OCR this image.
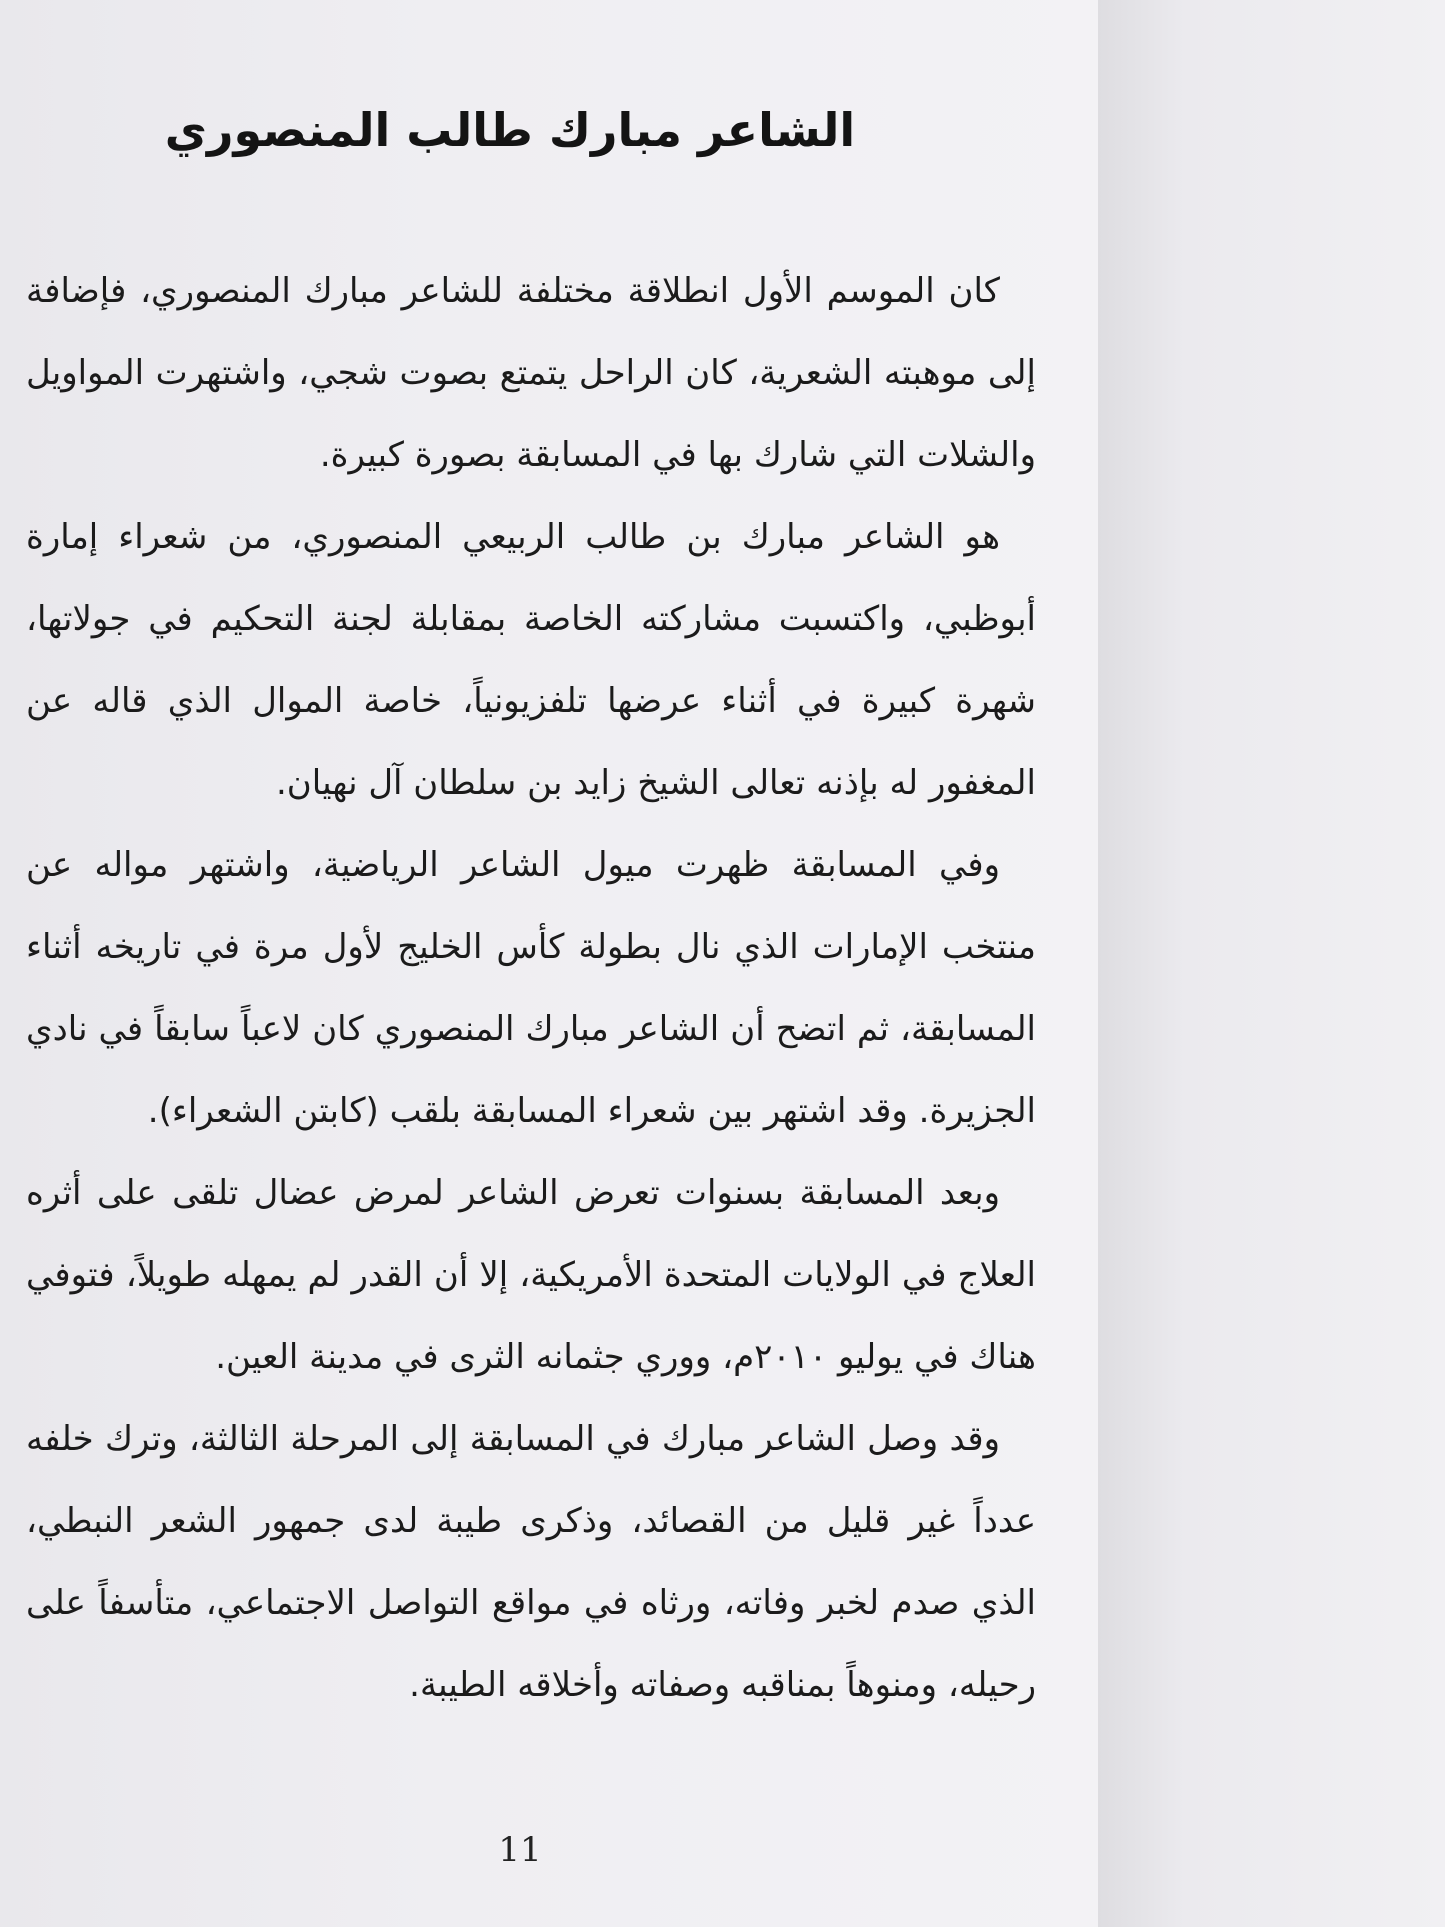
الشاعر مبارك طالب المنصوري

كان الموسم الأول انطلاقة مختلفة للشاعر مبارك المنصوري، فإضافة إلى موهبته الشعرية، كان الراحل يتمتع بصوت شجي، واشتهرت المواويل والشلات التي شارك بها في المسابقة بصورة كبيرة.

هو الشاعر مبارك بن طالب الربيعي المنصوري، من شعراء إمارة أبوظبي، واكتسبت مشاركته الخاصة بمقابلة لجنة التحكيم في جولاتها، شهرة كبيرة في أثناء عرضها تلفزيونياً، خاصة الموال الذي قاله عن المغفور له بإذنه تعالى الشيخ زايد بن سلطان آل نهيان.

وفي المسابقة ظهرت ميول الشاعر الرياضية، واشتهر مواله عن منتخب الإمارات الذي نال بطولة كأس الخليج لأول مرة في تاريخه أثناء المسابقة، ثم اتضح أن الشاعر مبارك المنصوري كان لاعباً سابقاً في نادي الجزيرة. وقد اشتهر بين شعراء المسابقة بلقب (كابتن الشعراء).

وبعد المسابقة بسنوات تعرض الشاعر لمرض عضال تلقى على أثره العلاج في الولايات المتحدة الأمريكية، إلا أن القدر لم يمهله طويلاً، فتوفي هناك في يوليو ٢٠١٠م، ووري جثمانه الثرى في مدينة العين.

وقد وصل الشاعر مبارك في المسابقة إلى المرحلة الثالثة، وترك خلفه عدداً غير قليل من القصائد، وذكرى طيبة لدى جمهور الشعر النبطي، الذي صدم لخبر وفاته، ورثاه في مواقع التواصل الاجتماعي، متأسفاً على رحيله، ومنوهاً بمناقبه وصفاته وأخلاقه الطيبة.

11
